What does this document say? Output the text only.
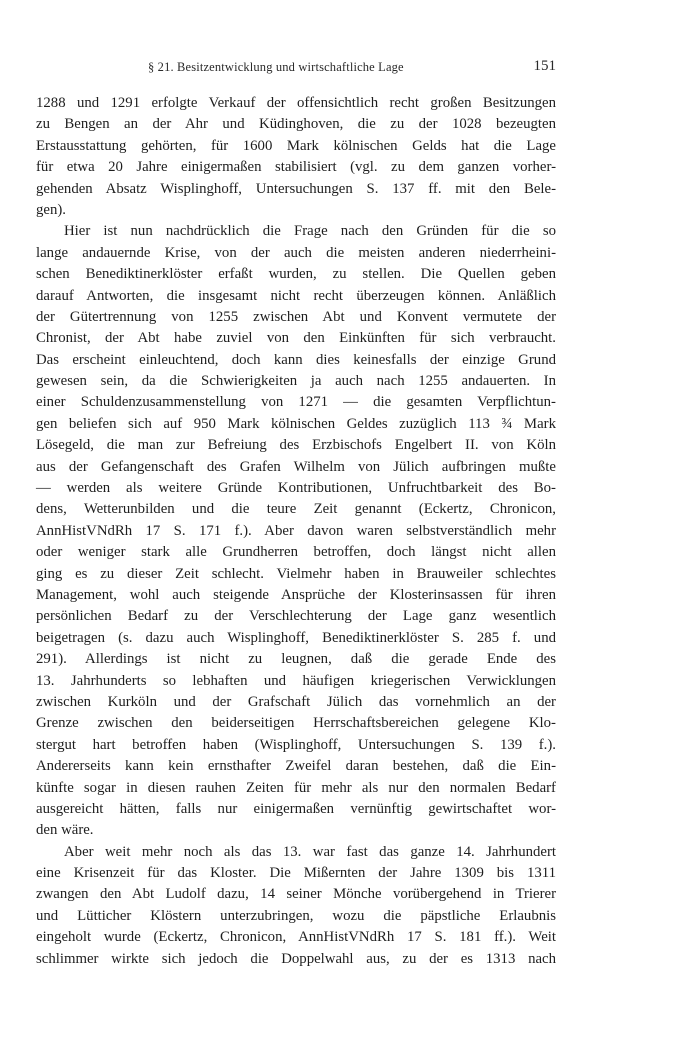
§ 21. Besitzentwicklung und wirtschaftliche Lage	151
1288 und 1291 erfolgte Verkauf der offensichtlich recht großen Besitzungen
zu Bengen an der Ahr und Küdinghoven, die zu der 1028 bezeugten
Erstausstattung gehörten, für 1600 Mark kölnischen Gelds hat die Lage
für etwa 20 Jahre einigermaßen stabilisiert (vgl. zu dem ganzen vorher-
gehenden Absatz Wisplinghoff, Untersuchungen S. 137 ff. mit den Bele-
gen).
Hier ist nun nachdrücklich die Frage nach den Gründen für die so
lange andauernde Krise, von der auch die meisten anderen niederrheini-
schen Benediktinerklöster erfaßt wurden, zu stellen. Die Quellen geben
darauf Antworten, die insgesamt nicht recht überzeugen können. Anläßlich
der Gütertrennung von 1255 zwischen Abt und Konvent vermutete der
Chronist, der Abt habe zuviel von den Einkünften für sich verbraucht.
Das erscheint einleuchtend, doch kann dies keinesfalls der einzige Grund
gewesen sein, da die Schwierigkeiten ja auch nach 1255 andauerten. In
einer Schuldenzusammenstellung von 1271 — die gesamten Verpflichtun-
gen beliefen sich auf 950 Mark kölnischen Geldes zuzüglich 113 ¾ Mark
Lösegeld, die man zur Befreiung des Erzbischofs Engelbert II. von Köln
aus der Gefangenschaft des Grafen Wilhelm von Jülich aufbringen mußte
— werden als weitere Gründe Kontributionen, Unfruchtbarkeit des Bo-
dens, Wetterunbilden und die teure Zeit genannt (Eckertz, Chronicon,
AnnHistVNdRh 17 S. 171 f.). Aber davon waren selbstverständlich mehr
oder weniger stark alle Grundherren betroffen, doch längst nicht allen
ging es zu dieser Zeit schlecht. Vielmehr haben in Brauweiler schlechtes
Management, wohl auch steigende Ansprüche der Klosterinsassen für ihren
persönlichen Bedarf zu der Verschlechterung der Lage ganz wesentlich
beigetragen (s. dazu auch Wisplinghoff, Benediktinerklöster S. 285 f. und
291). Allerdings ist nicht zu leugnen, daß die gerade Ende des
13. Jahrhunderts so lebhaften und häufigen kriegerischen Verwicklungen
zwischen Kurköln und der Grafschaft Jülich das vornehmlich an der
Grenze zwischen den beiderseitigen Herrschaftsbereichen gelegene Klo-
stergut hart betroffen haben (Wisplinghoff, Untersuchungen S. 139 f.).
Andererseits kann kein ernsthafter Zweifel daran bestehen, daß die Ein-
künfte sogar in diesen rauhen Zeiten für mehr als nur den normalen Bedarf
ausgereicht hätten, falls nur einigermaßen vernünftig gewirtschaftet wor-
den wäre.
Aber weit mehr noch als das 13. war fast das ganze 14. Jahrhundert
eine Krisenzeit für das Kloster. Die Mißernten der Jahre 1309 bis 1311
zwangen den Abt Ludolf dazu, 14 seiner Mönche vorübergehend in Trierer
und Lütticher Klöstern unterzubringen, wozu die päpstliche Erlaubnis
eingeholt wurde (Eckertz, Chronicon, AnnHistVNdRh 17 S. 181 ff.). Weit
schlimmer wirkte sich jedoch die Doppelwahl aus, zu der es 1313 nach
